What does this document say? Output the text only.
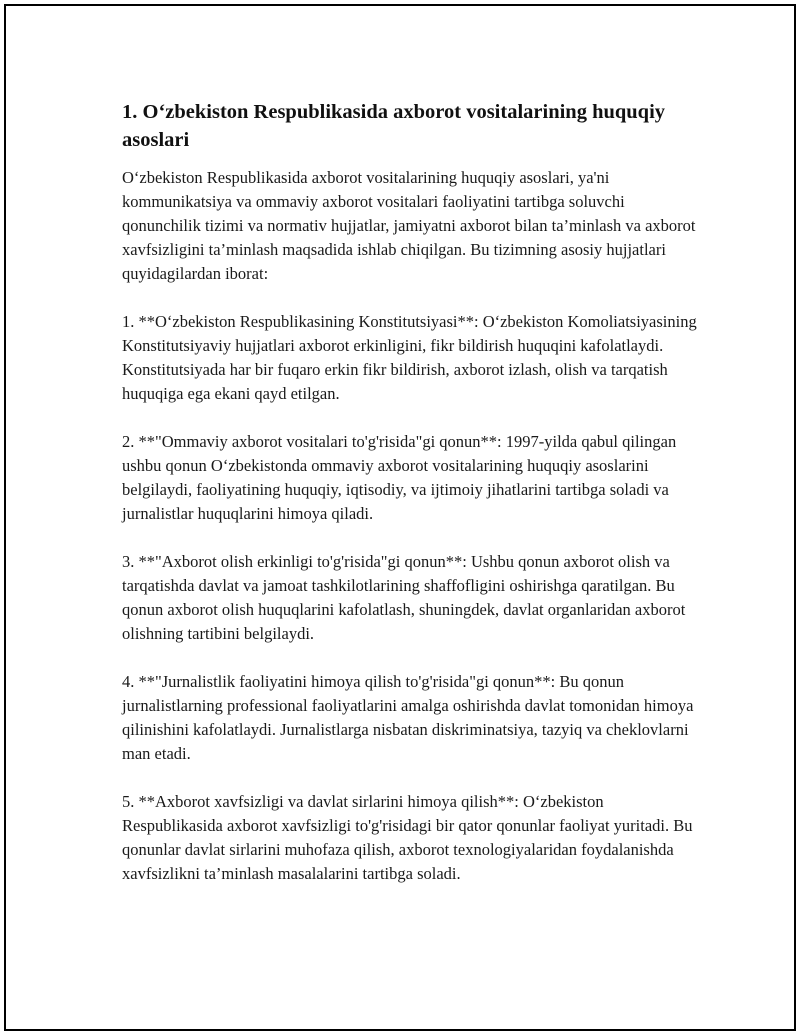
1. O‘zbekiston Respublikasida axborot vositalarining huquqiy asoslari

O‘zbekiston Respublikasida axborot vositalarining huquqiy asoslari, ya'ni kommunikatsiya va ommaviy axborot vositalari faoliyatini tartibga soluvchi qonunchilik tizimi va normativ hujjatlar, jamiyatni axborot bilan ta’minlash va axborot xavfsizligini ta’minlash maqsadida ishlab chiqilgan. Bu tizimning asosiy hujjatlari quyidagilardan iborat:

1. **O‘zbekiston Respublikasining Konstitutsiyasi**: O‘zbekiston Komoliatsiyasining Konstitutsiyaviy hujjatlari axborot erkinligini, fikr bildirish huquqini kafolatlaydi. Konstitutsiyada har bir fuqaro erkin fikr bildirish, axborot izlash, olish va tarqatish huquqiga ega ekani qayd etilgan.

2. **"Ommaviy axborot vositalari to'g'risida"gi qonun**: 1997-yilda qabul qilingan ushbu qonun O‘zbekistonda ommaviy axborot vositalarining huquqiy asoslarini belgilaydi, faoliyatining huquqiy, iqtisodiy, va ijtimoiy jihatlarini tartibga soladi va jurnalistlar huquqlarini himoya qiladi.

3. **"Axborot olish erkinligi to'g'risida"gi qonun**: Ushbu qonun axborot olish va tarqatishda davlat va jamoat tashkilotlarining shaffofligini oshirishga qaratilgan. Bu qonun axborot olish huquqlarini kafolatlash, shuningdek, davlat organlaridan axborot olishning tartibini belgilaydi.

4. **"Jurnalistlik faoliyatini himoya qilish to'g'risida"gi qonun**: Bu qonun jurnalistlarning professional faoliyatlarini amalga oshirishda davlat tomonidan himoya qilinishini kafolatlaydi. Jurnalistlarga nisbatan diskriminatsiya, tazyiq va cheklovlarni man etadi.

5. **Axborot xavfsizligi va davlat sirlarini himoya qilish**: O‘zbekiston Respublikasida axborot xavfsizligi to'g'risidagi bir qator qonunlar faoliyat yuritadi. Bu qonunlar davlat sirlarini muhofaza qilish, axborot texnologiyalaridan foydalanishda xavfsizlikni ta’minlash masalalarini tartibga soladi.
